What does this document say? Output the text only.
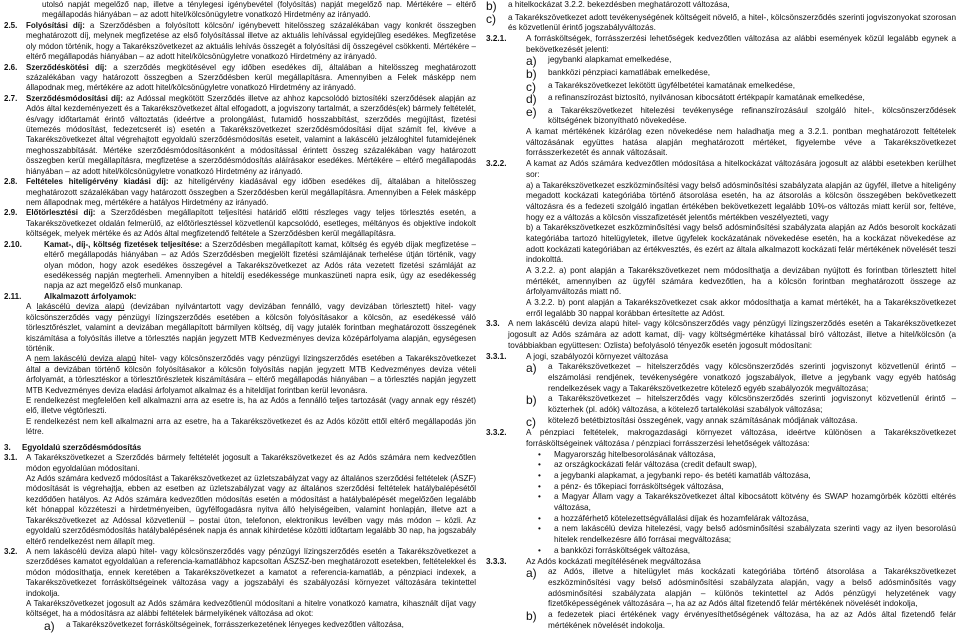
utolsó napját megelőző nap, illetve a ténylegesi igénybevétel (folyósítás) napját megelőző nap. Mértékére – eltérő megállapodás hiányában – az adott hitel/kölcsönügyletre vonatkozó Hirdetmény az irányadó.

2.5.	Folyósítási díj: a Szerződésben a folyósított kölcsön/ igénybevett hitelösszeg százalékában vagy konkrét összegben meghatározott díj, melynek megfizetése az első folyósítással illetve az aktuális lehívással egyidejűleg esedékes. Megfizetése oly módon történik, hogy a Takarékszövetkezet az aktuális lehívás összegét a folyósítási díj összegével csökkenti. Mértékére – eltérő megállapodás hiányában – az adott hitel/kölcsönügyletre vonatkozó Hirdetmény az irányadó.
2.6.	Szerződéskötési díj: a szerződés megkötésével egy időben esedékes díj, általában a hitelösszeg meghatározott százalékában vagy határozott összegben a Szerződésben kerül megállapításra. Amennyiben a Felek másképp nem állapodnak meg, mértékére az adott hitel/kölcsönügyletre vonatkozó Hirdetmény az irányadó.
2.7.	Szerződésmódosítási díj: az Adóssal megkötött Szerződés illetve az ahhoz kapcsolódó biztosítéki szerződések alapján az Adós által kezdeményezett és a Takarékszövetkezet által elfogadott, a jogviszony tartalmát, a szerződés(ek) bármely feltételét, és/vagy időtartamát érintő változtatás (ideértve a prolongálást, futamidő hosszabbítást, szerződés megújítást, fizetési ütemezés módosítást, fedezetcserét is) esetén a Takarékszövetkezet szerződésmódosítási díjat számít fel, kivéve a Takarékszövetkezet által végrehajtott egyoldalú szerződésmódosítás eseteit, valamint a lakáscélú jelzáloghitel futamidejének meghosszabbítását. Mértéke szerződésmódosításonként a módosítással érintett összeg százalékában vagy határozott összegben kerül megállapításra, megfizetése a szerződésmódosítás aláírásakor esedékes. Mértékére – eltérő megállapodás hiányában – az adott hitel/kölcsönügyletre vonatkozó Hirdetmény az irányadó.
2.8.	Feltételes hitelígérvény kiadási díj: az hitelígérvény kiadásával egy időben esedékes díj, általában a hitelösszeg meghatározott százalékában vagy határozott összegben a Szerződésben kerül megállapításra. Amennyiben a Felek másképp nem állapodnak meg, mértékére a hatályos Hirdetmény az irányadó.
2.9.	Előtörlesztési díj: a Szerződésben megállapított teljesítési határidő előtti részleges vagy teljes törlesztés esetén, a Takarékszövetkezet oldalán felmerülő, az előtörlesztéssel közvetlenül kapcsolódó, esetleges, méltányos és objektíve indokolt költségek, melyek mértéke és az Adós által megfizetendő feltétele a Szerződésben kerül megállapításra.
2.10.	Kamat-, díj-, költség fizetések teljesítése: a Szerződésben megállapított kamat, költség és egyéb díjak megfizetése – eltérő megállapodás hiányában – az Adós Szerződésben megjelölt fizetési számlájának terhelése útján történik, vagy olyan módon, hogy azok esedékes összegével a Takarékszövetkezet az Adós ráta vezetett fizetési számláját az esedékesség napján megterheli. Amennyiben a hiteldíj esedékessége munkaszüneti napra esik, úgy az esedékesség napja az azt megelőző első munkanap.
2.11.	Alkalmazott árfolyamok:

A lakáscélú deviza alapú (devizában nyilvántartott vagy devizában fennálló, vagy devizában törlesztett) hitel- vagy kölcsönszerződés vagy pénzügyi lízingszerződés esetében a kölcsön folyósításakor a kölcsön, az esedékessé váló törlesztőrészlet, valamint a devizában megállapított bármilyen költség, díj vagy jutalék forintban meghatározott összegének kiszámítása a folyósítás illetve a törlesztés napján jegyzett MTB Kedvezményes deviza középárfolyama alapján, egységesen történik.

A nem lakáscélú deviza alapú hitel- vagy kölcsönszerződés vagy pénzügyi lízingszerződés esetében a Takarékszövetkezet által a devizában történő kölcsön folyósításakor a kölcsön folyósítás napján jegyzett MTB Kedvezményes deviza vételi árfolyamát, a törlesztéskor a törlesztőrészletek kiszámítására – eltérő megállapodás hiányában – a törlesztés napján jegyzett MTB Kedvezményes deviza eladási árfolyamot alkalmaz és a hiteldíjat forintban kerül levonásra.

E rendelkezést megfelelően kell alkalmazni arra az esetre is, ha az Adós a fennálló teljes tartozását (vagy annak egy részét) elő, illetve végtörleszti.

E rendelkezést nem kell alkalmazni arra az esetre, ha a Takarékszövetkezet és az Adós között ettől eltérő megállapodás jön létre.

3.	Egyoldalú szerződésmódosítás
3.1.	A Takarékszövetkezet a Szerződés bármely feltételét jogosult a Takarékszövetkezet és az Adós számára nem kedvezőtlen módon egyoldalúan módosítani.

Az Adós számára kedvező módosítást a Takarékszövetkezet az üzletszabályzat vagy az általános szerződési feltételek (ÁSZF) módosítását is végrehajtja, ebben az esetben az üzletszabályzat vagy az általános szerződési feltételek hatálybalépésétől kezdődően hatályos. Az Adós számára kedvezőtlen módosítás esetén a módosítást a hatálybalépését megelőzően legalább két hónappal közzéteszi a hirdetményeiben, ügyfélfogadásra nyitva álló helyiségeiben, valamint honlapján, illetve azt a Takarékszövetkezet az Adóssal közvetlenül – postai úton, telefonon, elektronikus levélben vagy más módon – közli. Az egyoldalú szerződésmódosítás hatálybalépésének napja és annak kihirdetése közötti időtartam legalább 30 nap, ha jogszabály eltérő rendelkezést nem állapít meg.

3.2.	A nem lakáscélú deviza alapú hitel- vagy kölcsönszerződés vagy pénzügyi lízingszerződés esetén a Takarékszövetkezet a szerződéses kamatot egyoldalúan a referencia-kamatlábhoz kapcsoltan ÁSZSZ-ben meghatározott esetekben, feltételekkel és módon módosíthatja, ennek keretében a Takarékszövetkezet a kamatot a referencia-kamatláb, a pénzpiaci indexek, a Takarékszövetkezet forrásköltségeinek változása vagy a jogszabályi és szabályozási környezet változására tekintettel indokolja.

A Takarékszövetkezet jogosult az Adós számára kedvezőtlenül módosítani a hitelre vonatkozó kamatra, kihasznált díjat vagy költséget, ha a módosításra az alábbi feltételek bármelyikének változása ad okot:

a)	a Takarékszövetkezet forrásköltségeinek, forrásszerkezetének lényeges kedvezőtlen változása,
b)	a hitelkockázat 3.2.2. bekezdésben meghatározott változása,
c)	a Takarékszövetkezet adott tevékenységének költségeit növelő, a hitel-, kölcsönszerződés szerinti jogviszonyokat szorosan és közvetlenül érintő jogszabályváltozás.
3.2.1.	A forrásköltségek, forrásszerzési lehetőségek kedvezőtlen változása az alábbi események közül legalább egynek a bekövetkezését jelenti:
a)	jegybanki alapkamat emelkedése,
b)	bankközi pénzpiaci kamatlábak emelkedése,
c)	a Takarékszövetkezet lekötött ügyfélbetétei kamatának emelkedése,
d)	a refinanszírozást biztosító, nyilvánosan kibocsátott értékpapír kamatának emelkedése,
e)	a Takarékszövetkezet hitelezési tevékenysége refinanszírozásául szolgáló hitel-, kölcsönszerződések költségének bizonyítható növekedése.

A kamat mértékének kizárólag ezen növekedése nem haladhatja meg a 3.2.1. pontban meghatározott feltételek változásának együttes hatása alapján meghatározott mértéket, figyelembe véve a Takarékszövetkezet forrásszerkezetét és annak változásait.

3.2.2.	A kamat az Adós számára kedvezőtlen módosítása a hitelkockázat változására jogosult az alábbi esetekben kerülhet sor:

a) a Takarékszövetkezet eszközminősítési vagy belső adósminősítési szabályzata alapján az ügyfél, illetve a hiteligény megadott kockázati kategóriába történő átsorolása esetén, ha az átsorolás a kölcsön összegében bekövetkezett változásra és a fedezeti szolgáló ingatlan értékében bekövetkezett legalább 10%-os változás miatt kerül sor, feltéve, hogy ez a változás a kölcsön visszafizetését jelentős mértékben veszélyezteti, vagy

b) a Takarékszövetkezet eszközminősítési vagy belső adósminősítési szabályzata alapján az Adós besorolt kockázati kategóriába tartozó hitelügyletek, illetve ügyfelek kockázatának növekedése esetén, ha a kockázat növekedése az adott kockázati kategóriában az értékvesztés, és ezért az általa alkalmazott kockázati felár mértékének növelését teszi indokolttá.

A 3.2.2. a) pont alapján a Takarékszövetkezet nem módosíthatja a devizában nyújtott és forintban törlesztett hitel mértékét, amennyiben az ügyfél számára kedvezőtlen, ha a kölcsön forintban meghatározott összege az árfolyamváltozás miatt nő.

A 3.2.2. b) pont alapján a Takarékszövetkezet csak akkor módosíthatja a kamat mértékét, ha a Takarékszövetkezet erről legalább 30 nappal korábban értesítette az Adóst.

3.3.	A nem lakáscélú deviza alapú hitel- vagy kölcsönszerződés vagy pénzügyi lízingszerződés esetén a Takarékszövetkezet jogosult az Adós számára az adott kamat, díj- vagy költségmértéke kihatással bíró változást, illetve a hitel/kölcsön (a továbbiakban együttesen: Ozlista) befolyásoló tényezők esetén jogosult módosítani:
3.3.1.	A jogi, szabályozói környezet változása
a)	a Takarékszövetkezet – hitelszerződés vagy kölcsönszerződés szerinti jogviszonyt közvetlenül érintő – elszámolási rendjének, tevékenységére vonatkozó jogszabályok, illetve a jegybank vagy egyéb hatóság rendelkezések vagy a Takarékszövetkezetre kötelező egyéb szabályozók megváltozása;
b)	a Takarékszövetkezet – hitelszerződés vagy kölcsönszerződés szerinti jogviszonyt közvetlenül érintő – közterhek (pl. adók) változása, a kötelező tartalékolási szabályok változása;
c)	kötelező betétbiztosítási összegének, vagy annak számításának módjának változása.
3.3.2.	A pénzpiaci feltételek, makrogazdasági környezet változása, ideértve különösen a Takarékszövetkezet forrásköltségeinek változása / pénzpiaci forrásszerzési lehetőségek változása:
•	Magyarország hitelbesorolásának változása,
•	az országkockázati felár változása (credit default swap),
•	a jegybanki alapkamat, a jegybanki repo- és betéti kamatláb változása,
•	a pénz- és tőkepiaci forrásköltségek változása,
•	a Magyar Állam vagy a Takarékszövetkezet által kibocsátott kötvény és SWAP hozamgörbék közötti eltérés változása,
•	a hozzáférhető kötelezettségvállalási díjak és hozamfelárak változása,
•	a nem lakáscélú deviza hitelezési, vagy belső adósminősítési szabályzata szerinti vagy az ilyen besorolású hitelek rendelkezésre álló forrásai megváltozása;
•	a bankközi forrásköltségek változása,
3.3.3.	Az Adós kockázati megítélésének megváltozása
a)	az Adós, illetve a hitelügylet más kockázati kategóriába történő átsorolása a Takarékszövetkezet eszközminősítési vagy belső adósminősítési szabályzata alapján, vagy a belső adósminősítés vagy adósminősítési szabályzata alapján – különös tekintettel az Adós pénzügyi helyzetének vagy fizetőképességének változására –, ha az az Adós által fizetendő felár mértékének növelését indokolja,
b)	a fedezetek piaci értékének vagy érvényesíthetőségének változása, ha az az Adós által fizetendő felár mértékének növelését indokolja.
